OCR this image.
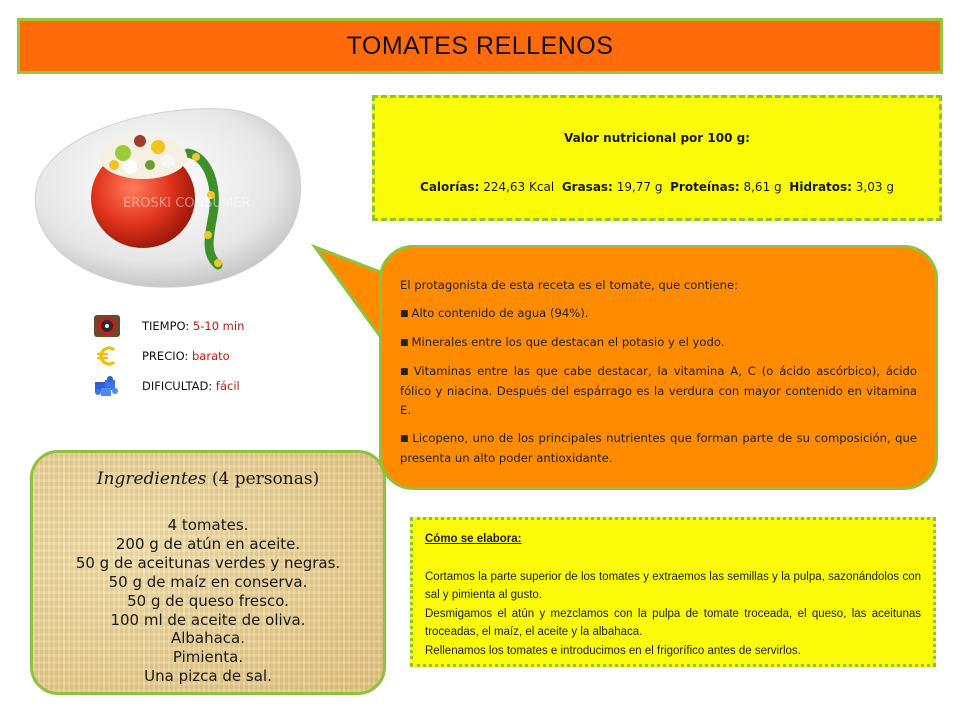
TOMATES RELLENOS
EROSKI CONSUMER
TIEMPO: 5-10 min
PRECIO: barato
DIFICULTAD: fácil
Valor nutricional por 100 g:
Calorías: 224,63 Kcal Grasas: 19,77 g Proteínas: 8,61 g Hidratos: 3,03 g

El protagonista de esta receta es el tomate, que contiene:

■ Alto contenido de agua (94%).

■ Minerales entre los que destacan el potasio y el yodo.

■ Vitaminas entre las que cabe destacar, la vitamina A, C (o ácido ascórbico), ácido fólico y niacina. Después del espárrago es la verdura con mayor contenido en vitamina E.

■ Licopeno, uno de los principales nutrientes que forman parte de su composición, que presenta un alto poder antioxidante.

Ingredientes (4 personas)
4 tomates.
200 g de atún en aceite.
50 g de aceitunas verdes y negras.
50 g de maíz en conserva.
50 g de queso fresco.
100 ml de aceite de oliva.
Albahaca.
Pimienta.
Una pizca de sal.
Cómo se elabora:
Cortamos la parte superior de los tomates y extraemos las semillas y la pulpa, sazonándolos con sal y pimienta al gusto.
Desmigamos el atún y mezclamos con la pulpa de tomate troceada, el queso, las aceitunas troceadas, el maíz, el aceite y la albahaca.
Rellenamos los tomates e introducimos en el frigorífico antes de servirlos.
